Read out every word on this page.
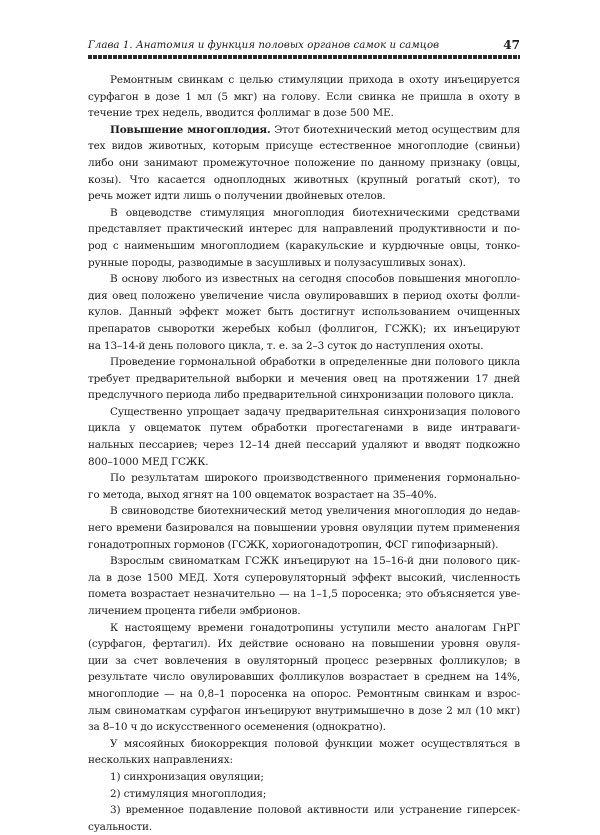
Глава 1. Анатомия и функция половых органов самок и самцов	47
Ремонтным свинкам с целью стимуляции прихода в охоту инъецируется
сурфагон в дозе 1 мл (5 мкг) на голову. Если свинка не пришла в охоту в
течение трех недель, вводится фоллимаг в дозе 500 МЕ.
Повышение многоплодия. Этот биотехнический метод осуществим для
тех видов животных, которым присуще естественное многоплодие (свиньи)
либо они занимают промежуточное положение по данному признаку (овцы,
козы). Что касается одноплодных животных (крупный рогатый скот), то
речь может идти лишь о получении двойневых отелов.
В овцеводстве стимуляция многоплодия биотехническими средствами
представляет практический интерес для направлений продуктивности и по-
род с наименьшим многоплодием (каракульские и курдючные овцы, тонко-
рунные породы, разводимые в засушливых и полузасушливых зонах).
В основу любого из известных на сегодня способов повышения многопло-
дия овец положено увеличение числа овулировавших в период охоты фолли-
кулов. Данный эффект может быть достигнут использованием очищенных
препаратов сыворотки жеребых кобыл (фоллигон, ГСЖК); их инъецируют
на 13–14-й день полового цикла, т. е. за 2–3 суток до наступления охоты.
Проведение гормональной обработки в определенные дни полового цикла
требует предварительной выборки и мечения овец на протяжении 17 дней
предслучного периода либо предварительной синхронизации полового цикла.
Существенно упрощает задачу предварительная синхронизация полового
цикла у овцематок путем обработки прогестагенами в виде интраваги-
нальных пессариев; через 12–14 дней пессарий удаляют и вводят подкожно
800–1000 МЕД ГСЖК.
По результатам широкого производственного применения гормонально-
го метода, выход ягнят на 100 овцематок возрастает на 35–40%.
В свиноводстве биотехнический метод увеличения многоплодия до недав-
него времени базировался на повышении уровня овуляции путем применения
гонадотропных гормонов (ГСЖК, хориогонадотропин, ФСГ гипофизарный).
Взрослым свиноматкам ГСЖК инъецируют на 15–16-й дни полового цик-
ла в дозе 1500 МЕД. Хотя суперовуляторный эффект высокий, численность
помета возрастает незначительно — на 1–1,5 поросенка; это объясняется уве-
личением процента гибели эмбрионов.
К настоящему времени гонадотропины уступили место аналогам ГнРГ
(сурфагон, фертагил). Их действие основано на повышении уровня овуля-
ции за счет вовлечения в овуляторный процесс резервных фолликулов; в
результате число овулировавших фолликулов возрастает в среднем на 14%,
многоплодие — на 0,8–1 поросенка на опорос. Ремонтным свинкам и взрос-
лым свиноматкам сурфагон инъецируют внутримышечно в дозе 2 мл (10 мкг)
за 8–10 ч до искусственного осеменения (однократно).
У мясояйных биокоррекция половой функции может осуществляться в
нескольких направлениях:
1) синхронизация овуляции;
2) стимуляция многоплодия;
3) временное подавление половой активности или устранение гиперсек-
суальности.
